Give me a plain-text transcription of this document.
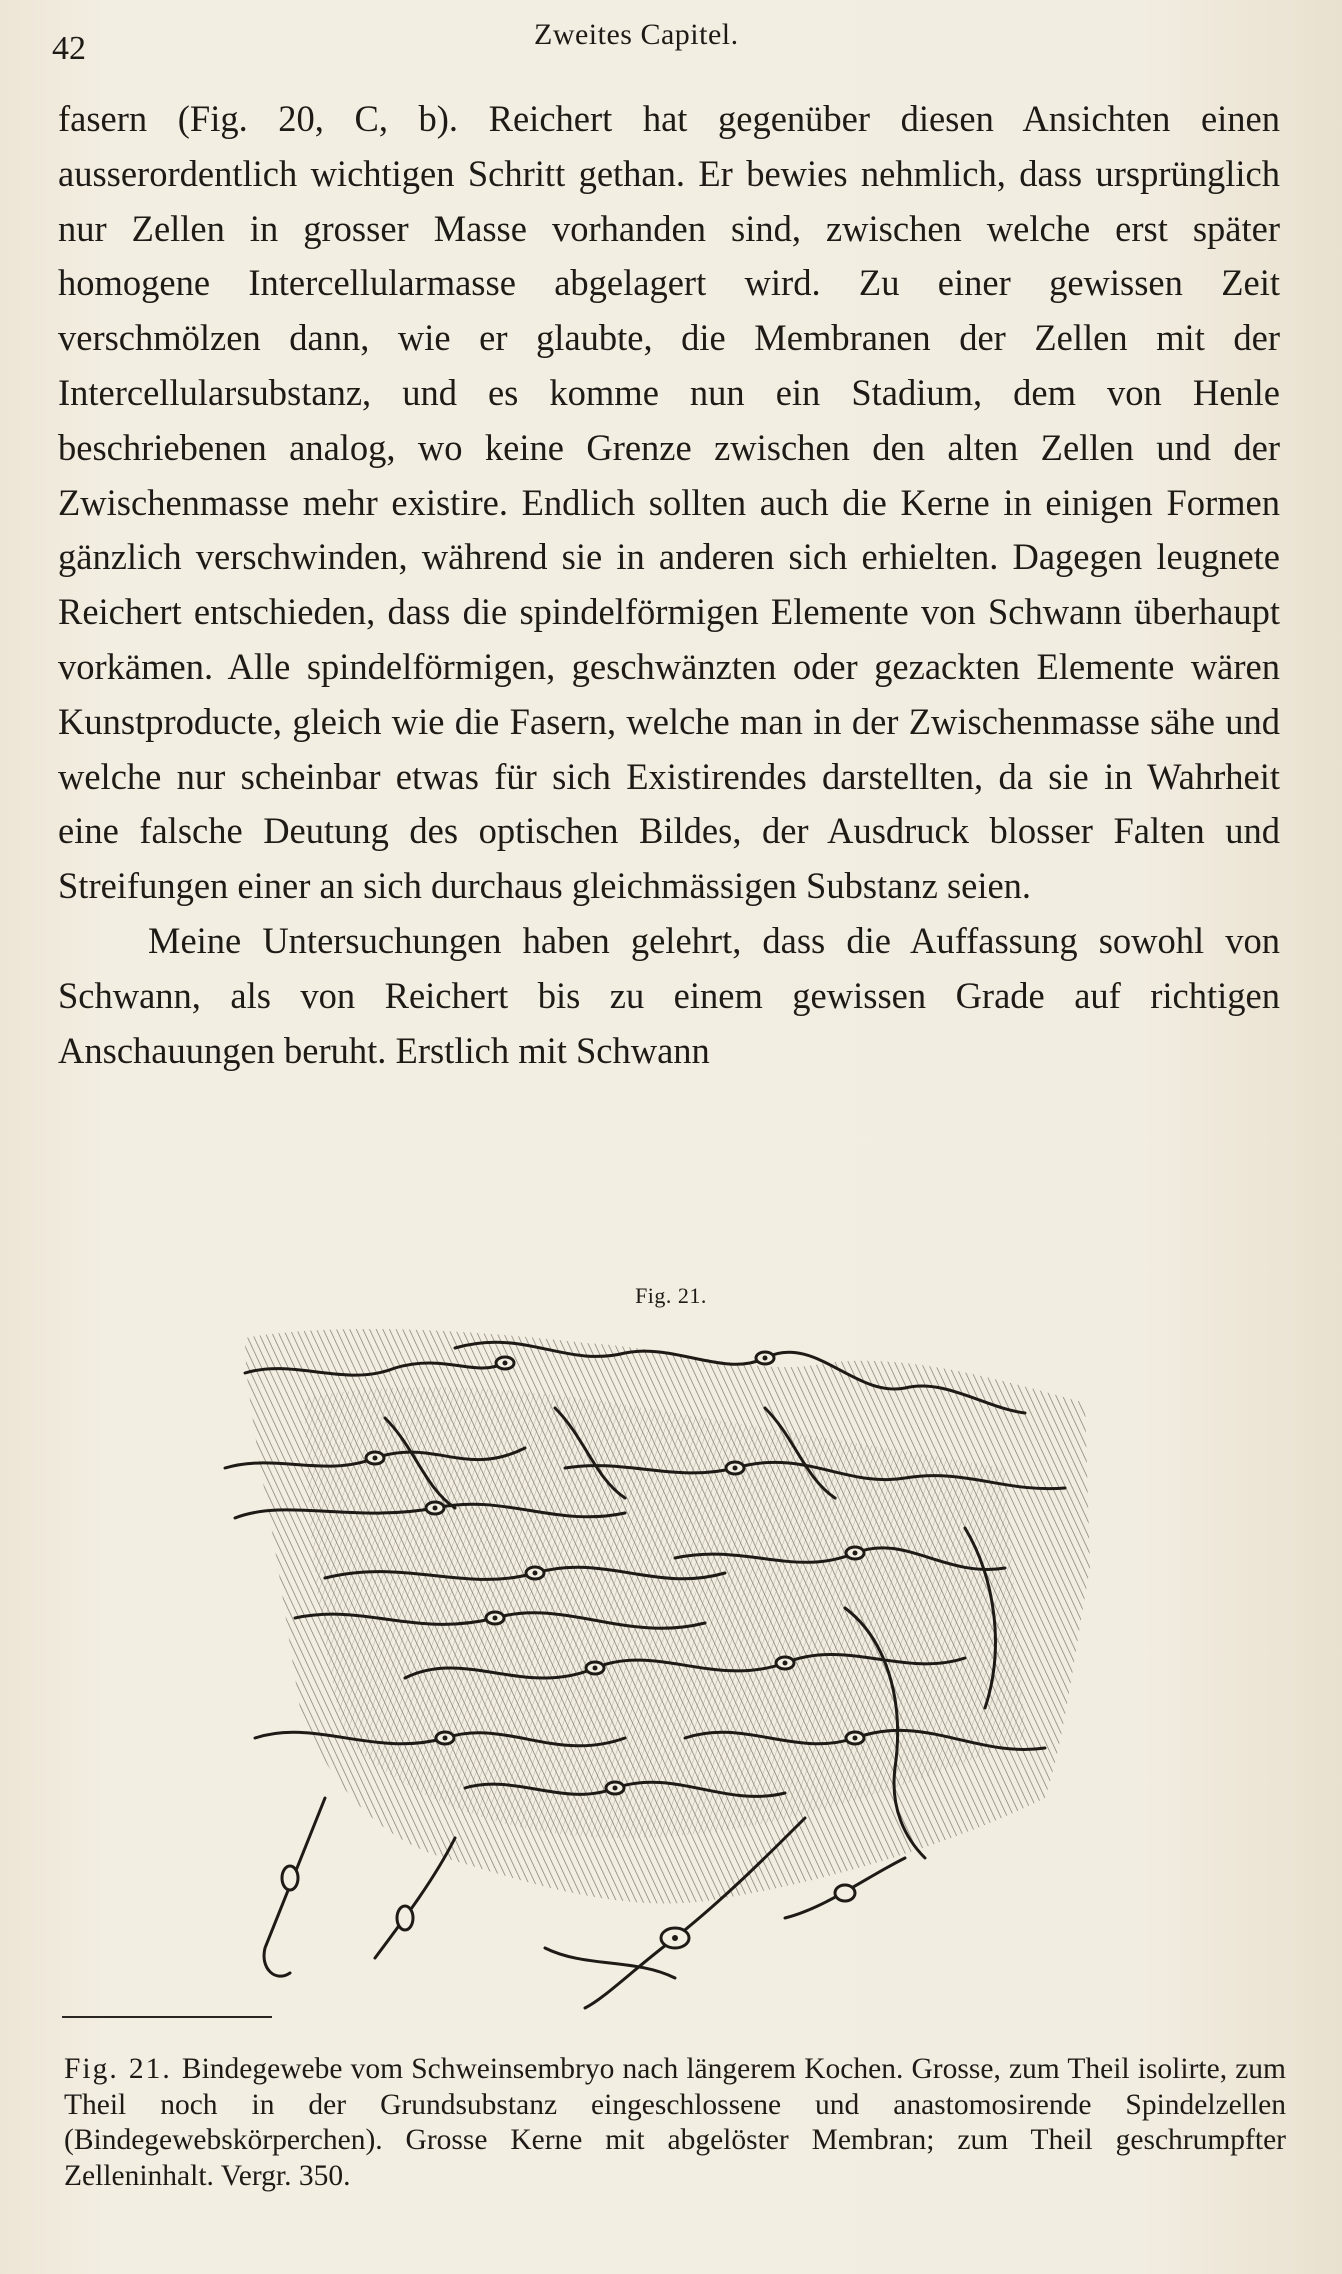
42	Zweites Capitel.

fasern (Fig. 20, C, b). Reichert hat gegenüber diesen Ansichten einen ausserordentlich wichtigen Schritt gethan. Er bewies nehmlich, dass ursprünglich nur Zellen in grosser Masse vorhanden sind, zwischen welche erst später homogene Intercellularmasse abgelagert wird. Zu einer gewissen Zeit verschmölzen dann, wie er glaubte, die Membranen der Zellen mit der Intercellularsubstanz, und es komme nun ein Stadium, dem von Henle beschriebenen analog, wo keine Grenze zwischen den alten Zellen und der Zwischenmasse mehr existire. Endlich sollten auch die Kerne in einigen Formen gänzlich verschwinden, während sie in anderen sich erhielten. Dagegen leugnete Reichert entschieden, dass die spindelförmigen Elemente von Schwann überhaupt vorkämen. Alle spindelförmigen, geschwänzten oder gezackten Elemente wären Kunstproducte, gleich wie die Fasern, welche man in der Zwischenmasse sähe und welche nur scheinbar etwas für sich Existirendes darstellten, da sie in Wahrheit eine falsche Deutung des optischen Bildes, der Ausdruck blosser Falten und Streifungen einer an sich durchaus gleichmässigen Substanz seien.

Meine Untersuchungen haben gelehrt, dass die Auffassung sowohl von Schwann, als von Reichert bis zu einem gewissen Grade auf richtigen Anschauungen beruht. Erstlich mit Schwann

Fig. 21.
Fig. 21. Bindegewebe vom Schweinsembryo nach längerem Kochen. Grosse, zum Theil isolirte, zum Theil noch in der Grundsubstanz eingeschlossene und anastomosirende Spindelzellen (Bindegewebskörperchen). Grosse Kerne mit abgelöster Membran; zum Theil geschrumpfter Zelleninhalt. Vergr. 350.
